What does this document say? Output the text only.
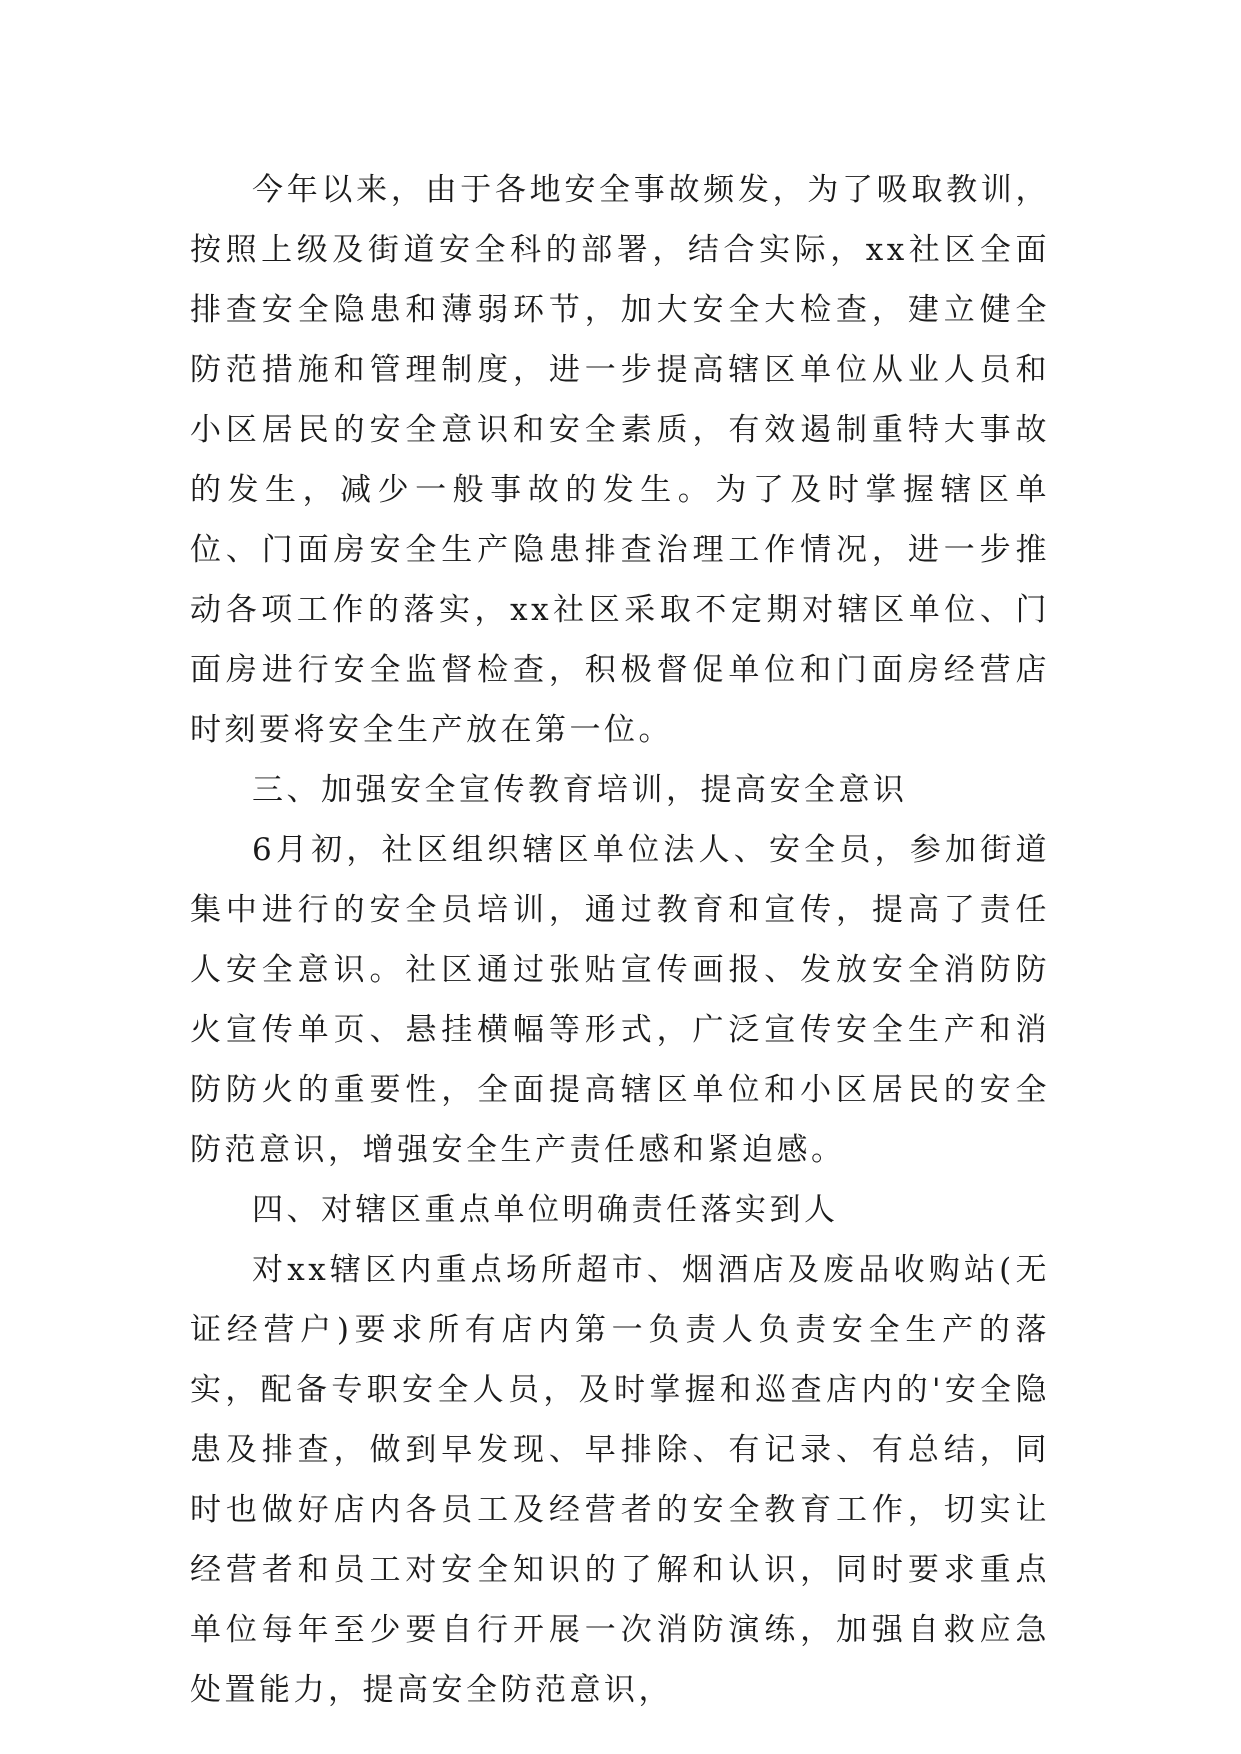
今年以来，由于各地安全事故频发，为了吸取教训，按照上级及街道安全科的部署，结合实际，xx社区全面排查安全隐患和薄弱环节，加大安全大检查，建立健全防范措施和管理制度，进一步提高辖区单位从业人员和小区居民的安全意识和安全素质，有效遏制重特大事故的发生，减少一般事故的发生。为了及时掌握辖区单位、门面房安全生产隐患排查治理工作情况，进一步推动各项工作的落实，xx社区采取不定期对辖区单位、门面房进行安全监督检查，积极督促单位和门面房经营店时刻要将安全生产放在第一位。

三、加强安全宣传教育培训，提高安全意识

6月初，社区组织辖区单位法人、安全员，参加街道集中进行的安全员培训，通过教育和宣传，提高了责任人安全意识。社区通过张贴宣传画报、发放安全消防防火宣传单页、悬挂横幅等形式，广泛宣传安全生产和消防防火的重要性，全面提高辖区单位和小区居民的安全防范意识，增强安全生产责任感和紧迫感。

四、对辖区重点单位明确责任落实到人

对xx辖区内重点场所超市、烟酒店及废品收购站(无证经营户)要求所有店内第一负责人负责安全生产的落实，配备专职安全人员，及时掌握和巡查店内的'安全隐患及排查，做到早发现、早排除、有记录、有总结，同时也做好店内各员工及经营者的安全教育工作，切实让经营者和员工对安全知识的了解和认识，同时要求重点单位每年至少要自行开展一次消防演练，加强自救应急处置能力，提高安全防范意识，
